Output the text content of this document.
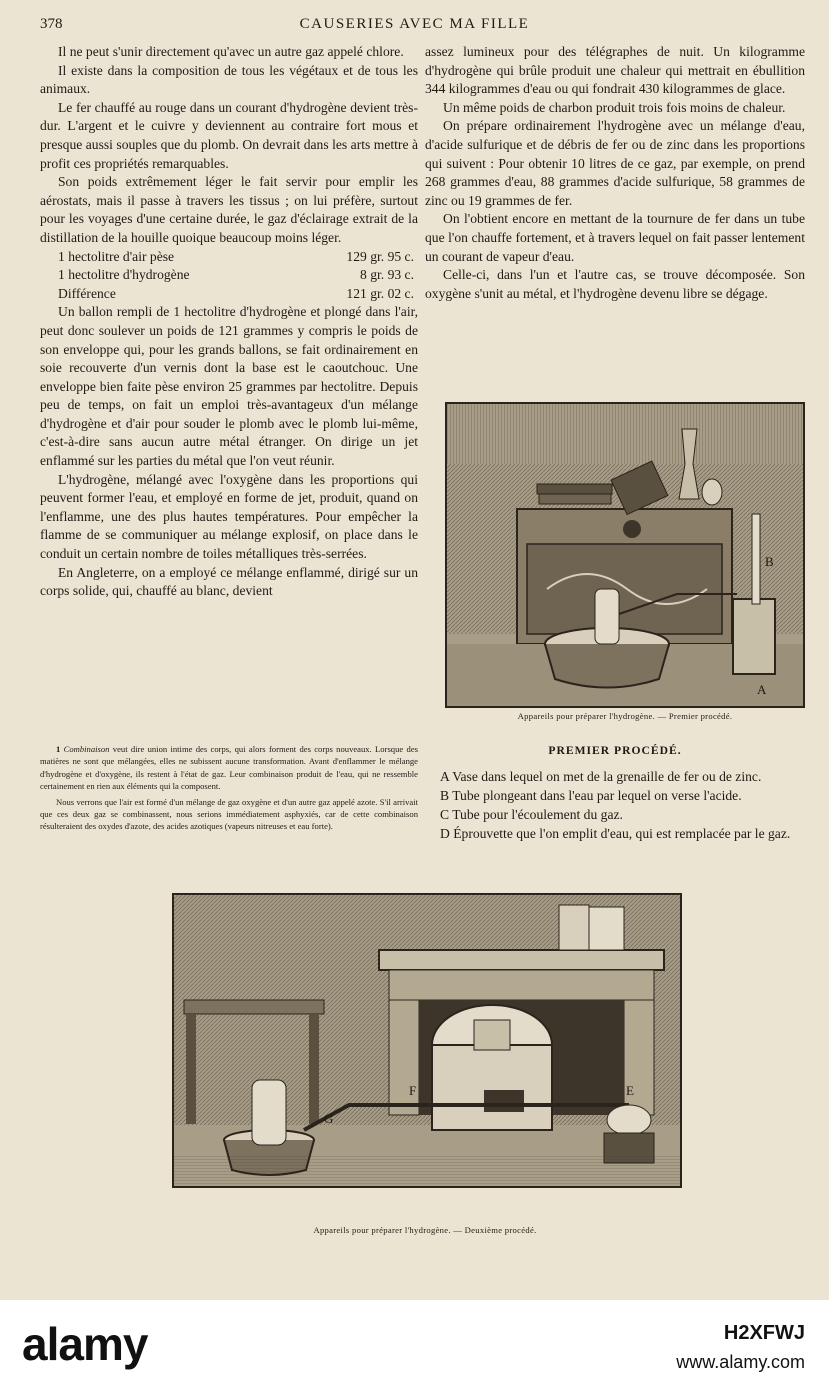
378	CAUSERIES AVEC MA FILLE

Il ne peut s'unir directement qu'avec un autre gaz appelé chlore.

Il existe dans la composition de tous les végétaux et de tous les animaux.

Le fer chauffé au rouge dans un courant d'hydrogène devient très-dur. L'argent et le cuivre y deviennent au contraire fort mous et presque aussi souples que du plomb. On devrait dans les arts mettre à profit ces propriétés remarquables.

Son poids extrêmement léger le fait servir pour emplir les aérostats, mais il passe à travers les tissus ; on lui préfère, surtout pour les voyages d'une certaine durée, le gaz d'éclairage extrait de la distillation de la houille quoique beaucoup moins léger.

1 hectolitre d'air pèse	129 gr. 95 c.
1 hectolitre d'hydrogène	8 gr. 93 c.
Différence	121 gr. 02 c.

Un ballon rempli de 1 hectolitre d'hydrogène et plongé dans l'air, peut donc soulever un poids de 121 grammes y compris le poids de son enveloppe qui, pour les grands ballons, se fait ordinairement en soie recouverte d'un vernis dont la base est le caoutchouc. Une enveloppe bien faite pèse environ 25 grammes par hectolitre. Depuis peu de temps, on fait un emploi très-avantageux d'un mélange d'hydrogène et d'air pour souder le plomb avec le plomb lui-même, c'est-à-dire sans aucun autre métal étranger. On dirige un jet enflammé sur les parties du métal que l'on veut réunir.

L'hydrogène, mélangé avec l'oxygène dans les proportions qui peuvent former l'eau, et employé en forme de jet, produit, quand on l'enflamme, une des plus hautes températures. Pour empêcher la flamme de se communiquer au mélange explosif, on place dans le conduit un certain nombre de toiles métalliques très-serrées.

En Angleterre, on a employé ce mélange enflammé, dirigé sur un corps solide, qui, chauffé au blanc, devient

1 Combinaison veut dire union intime des corps, qui alors forment des corps nouveaux. Lorsque des matières ne sont que mélangées, elles ne subissent aucune transformation. Avant d'enflammer le mélange d'hydrogène et d'oxygène, ils restent à l'état de gaz. Leur combinaison produit de l'eau, qui ne ressemble certainement en rien aux éléments qui la composent.

Nous verrons que l'air est formé d'un mélange de gaz oxygène et d'un autre gaz appelé azote. S'il arrivait que ces deux gaz se combinassent, nous serions immédiatement asphyxiés, car de cette combinaison résulteraient des oxydes d'azote, des acides azotiques (vapeurs nitreuses et eau forte).

assez lumineux pour des télégraphes de nuit. Un kilogramme d'hydrogène qui brûle produit une chaleur qui mettrait en ébullition 344 kilogrammes d'eau ou qui fondrait 430 kilogrammes de glace.

Un même poids de charbon produit trois fois moins de chaleur.

On prépare ordinairement l'hydrogène avec un mélange d'eau, d'acide sulfurique et de débris de fer ou de zinc dans les proportions qui suivent : Pour obtenir 10 litres de ce gaz, par exemple, on prend 268 grammes d'eau, 88 grammes d'acide sulfurique, 58 grammes de zinc ou 19 grammes de fer.

On l'obtient encore en mettant de la tournure de fer dans un tube que l'on chauffe fortement, et à travers lequel on fait passer lentement un courant de vapeur d'eau.

Celle-ci, dans l'un et l'autre cas, se trouve décomposée. Son oxygène s'unit au métal, et l'hydrogène devenu libre se dégage.

B
A
Appareils pour préparer l'hydrogène. — Premier procédé.
PREMIER PROCÉDÉ.

A Vase dans lequel on met de la grenaille de fer ou de zinc.

B Tube plongeant dans l'eau par lequel on verse l'acide.

C Tube pour l'écoulement du gaz.

D Éprouvette que l'on emplit d'eau, qui est remplacée par le gaz.

F
G
E
Appareils pour préparer l'hydrogène. — Deuxième procédé.
alamy	H2XFWJ
www.alamy.com
